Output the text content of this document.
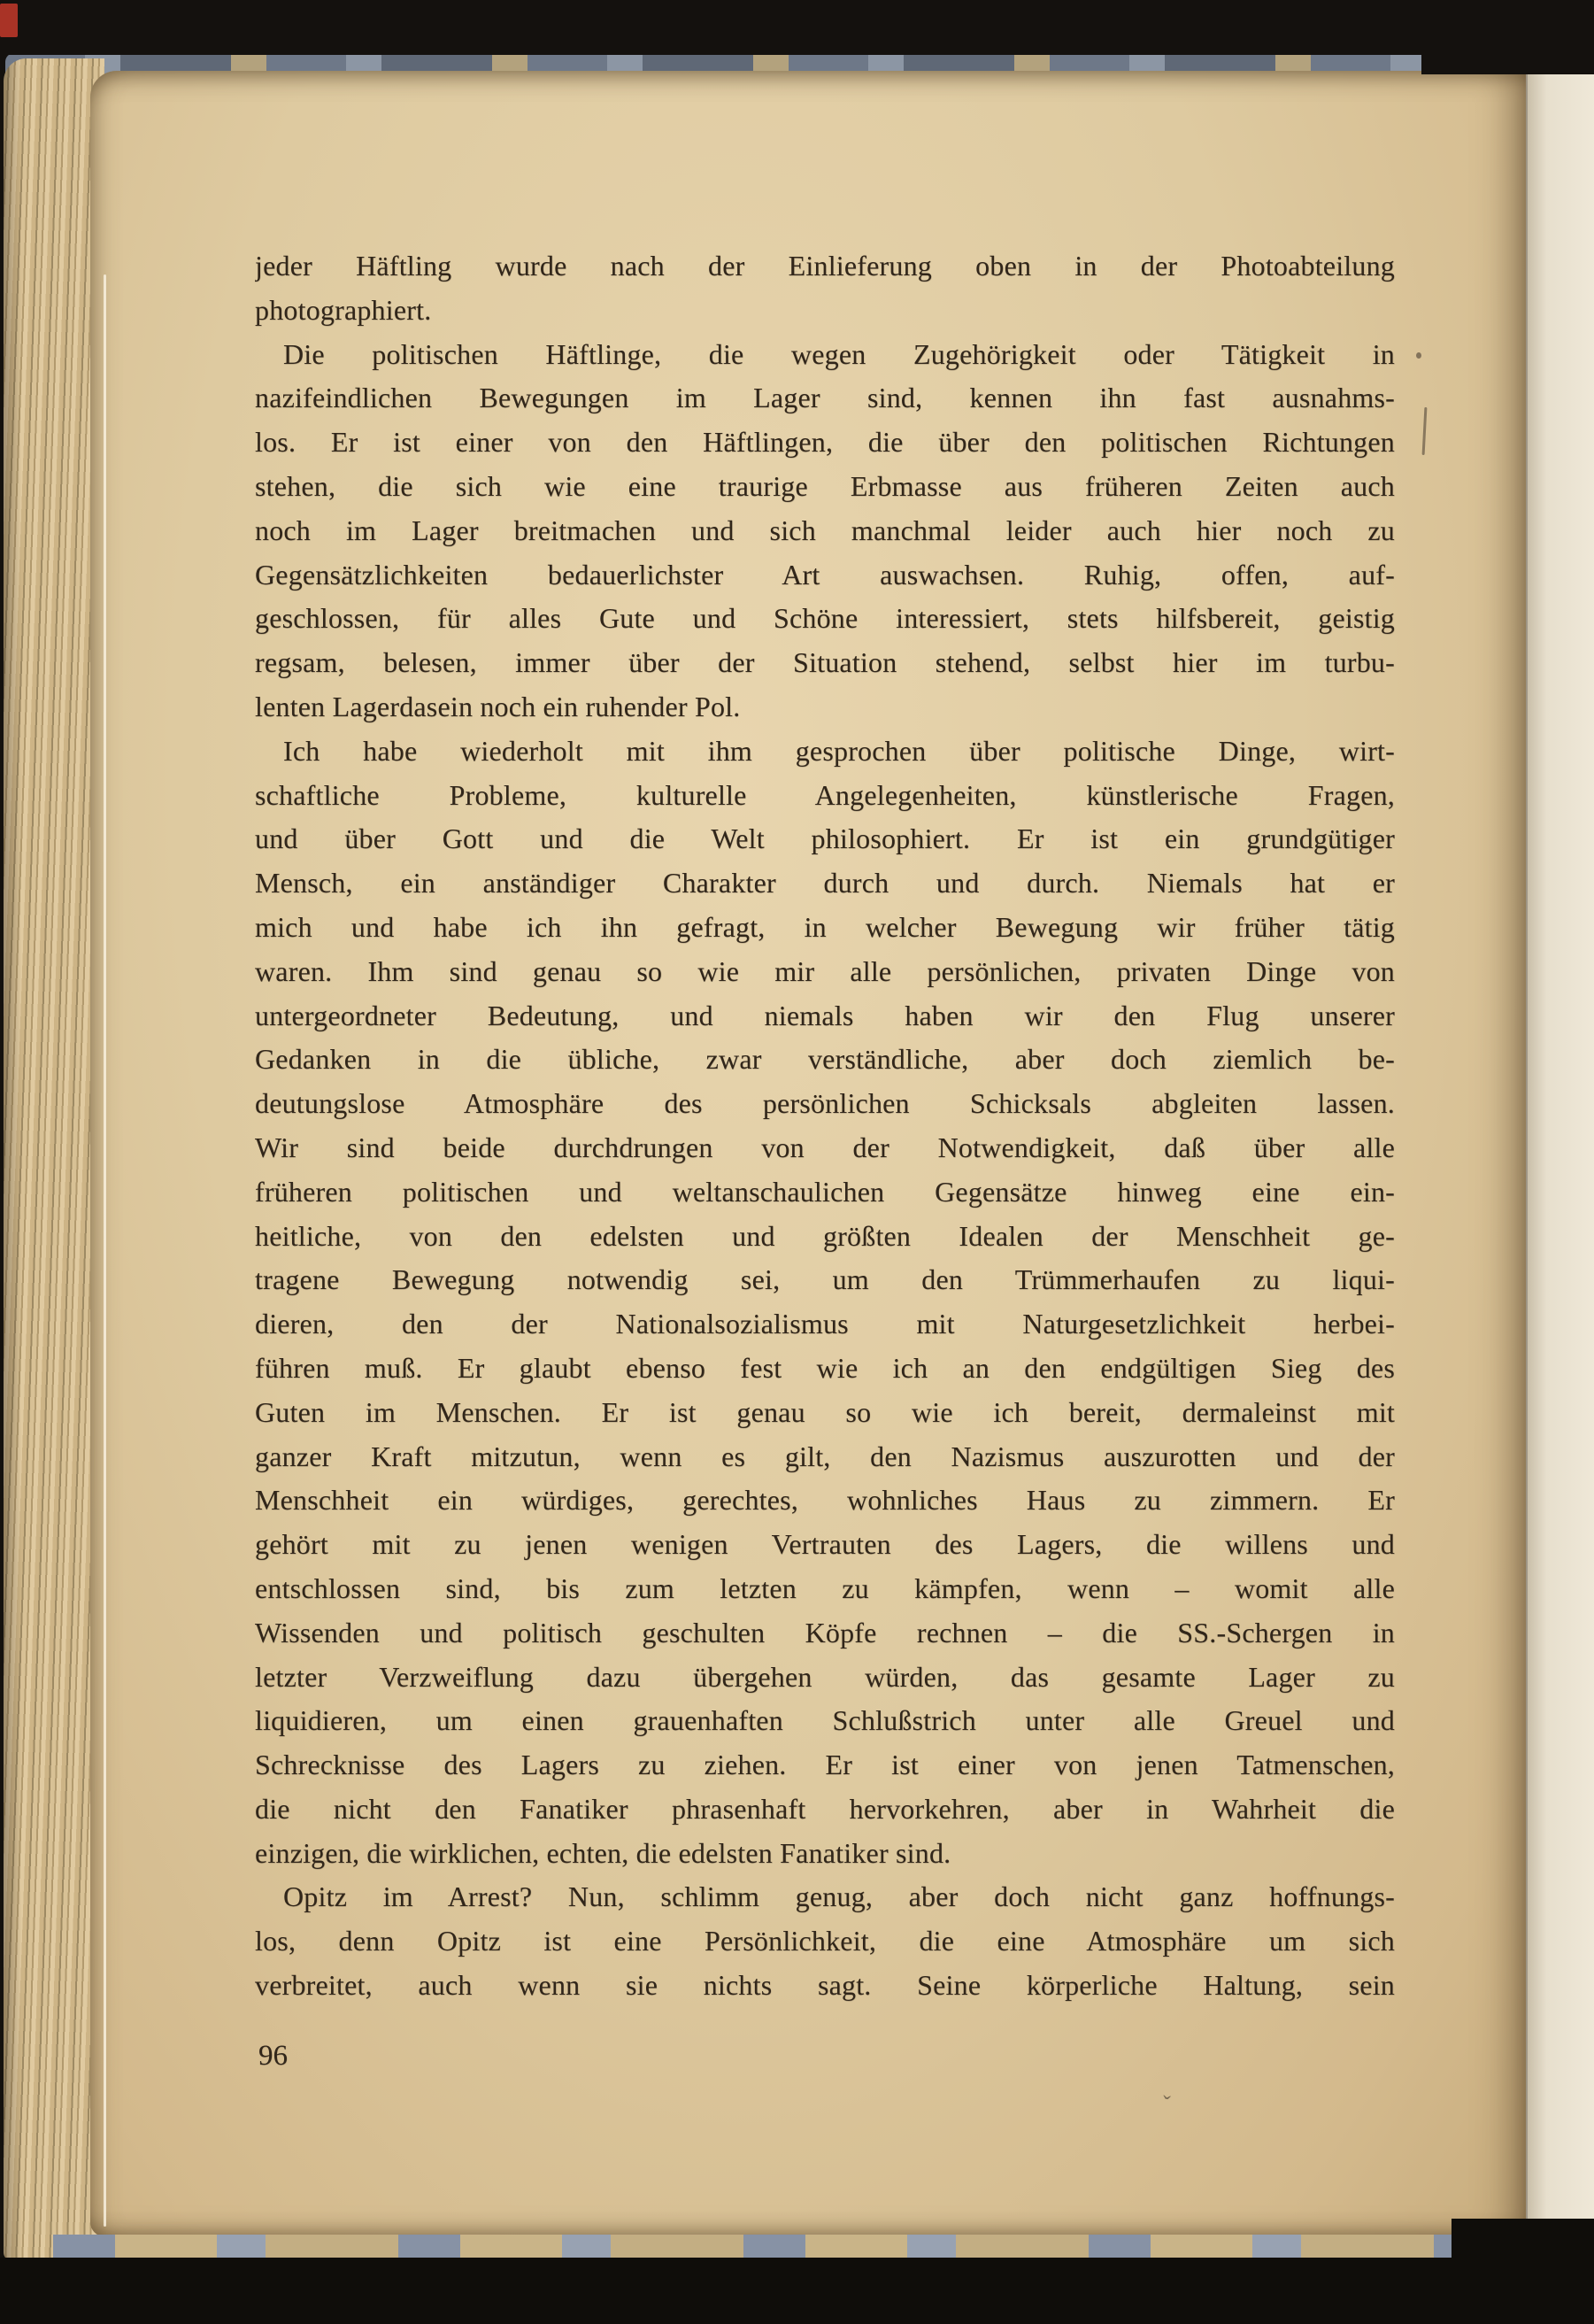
ˇ
jeder Häftling wurde nach der Einlieferung oben in der Photoabteilung
photographiert.
Die politischen Häftlinge, die wegen Zugehörigkeit oder Tätigkeit in
nazifeindlichen Bewegungen im Lager sind, kennen ihn fast ausnahms-
los. Er ist einer von den Häftlingen, die über den politischen Richtungen
stehen, die sich wie eine traurige Erbmasse aus früheren Zeiten auch
noch im Lager breitmachen und sich manchmal leider auch hier noch zu
Gegensätzlichkeiten bedauerlichster Art auswachsen. Ruhig, offen, auf-
geschlossen, für alles Gute und Schöne interessiert, stets hilfsbereit, geistig
regsam, belesen, immer über der Situation stehend, selbst hier im turbu-
lenten Lagerdasein noch ein ruhender Pol.
Ich habe wiederholt mit ihm gesprochen über politische Dinge, wirt-
schaftliche Probleme, kulturelle Angelegenheiten, künstlerische Fragen,
und über Gott und die Welt philosophiert. Er ist ein grundgütiger
Mensch, ein anständiger Charakter durch und durch. Niemals hat er
mich und habe ich ihn gefragt, in welcher Bewegung wir früher tätig
waren. Ihm sind genau so wie mir alle persönlichen, privaten Dinge von
untergeordneter Bedeutung, und niemals haben wir den Flug unserer
Gedanken in die übliche, zwar verständliche, aber doch ziemlich be-
deutungslose Atmosphäre des persönlichen Schicksals abgleiten lassen.
Wir sind beide durchdrungen von der Notwendigkeit, daß über alle
früheren politischen und weltanschaulichen Gegensätze hinweg eine ein-
heitliche, von den edelsten und größten Idealen der Menschheit ge-
tragene Bewegung notwendig sei, um den Trümmerhaufen zu liqui-
dieren, den der Nationalsozialismus mit Naturgesetzlichkeit herbei-
führen muß. Er glaubt ebenso fest wie ich an den endgültigen Sieg des
Guten im Menschen. Er ist genau so wie ich bereit, dermaleinst mit
ganzer Kraft mitzutun, wenn es gilt, den Nazismus auszurotten und der
Menschheit ein würdiges, gerechtes, wohnliches Haus zu zimmern. Er
gehört mit zu jenen wenigen Vertrauten des Lagers, die willens und
entschlossen sind, bis zum letzten zu kämpfen, wenn – womit alle
Wissenden und politisch geschulten Köpfe rechnen – die SS.-Schergen in
letzter Verzweiflung dazu übergehen würden, das gesamte Lager zu
liquidieren, um einen grauenhaften Schlußstrich unter alle Greuel und
Schrecknisse des Lagers zu ziehen. Er ist einer von jenen Tatmenschen,
die nicht den Fanatiker phrasenhaft hervorkehren, aber in Wahrheit die
einzigen, die wirklichen, echten, die edelsten Fanatiker sind.
Opitz im Arrest? Nun, schlimm genug, aber doch nicht ganz hoffnungs-
los, denn Opitz ist eine Persönlichkeit, die eine Atmosphäre um sich
verbreitet, auch wenn sie nichts sagt. Seine körperliche Haltung, sein
96
